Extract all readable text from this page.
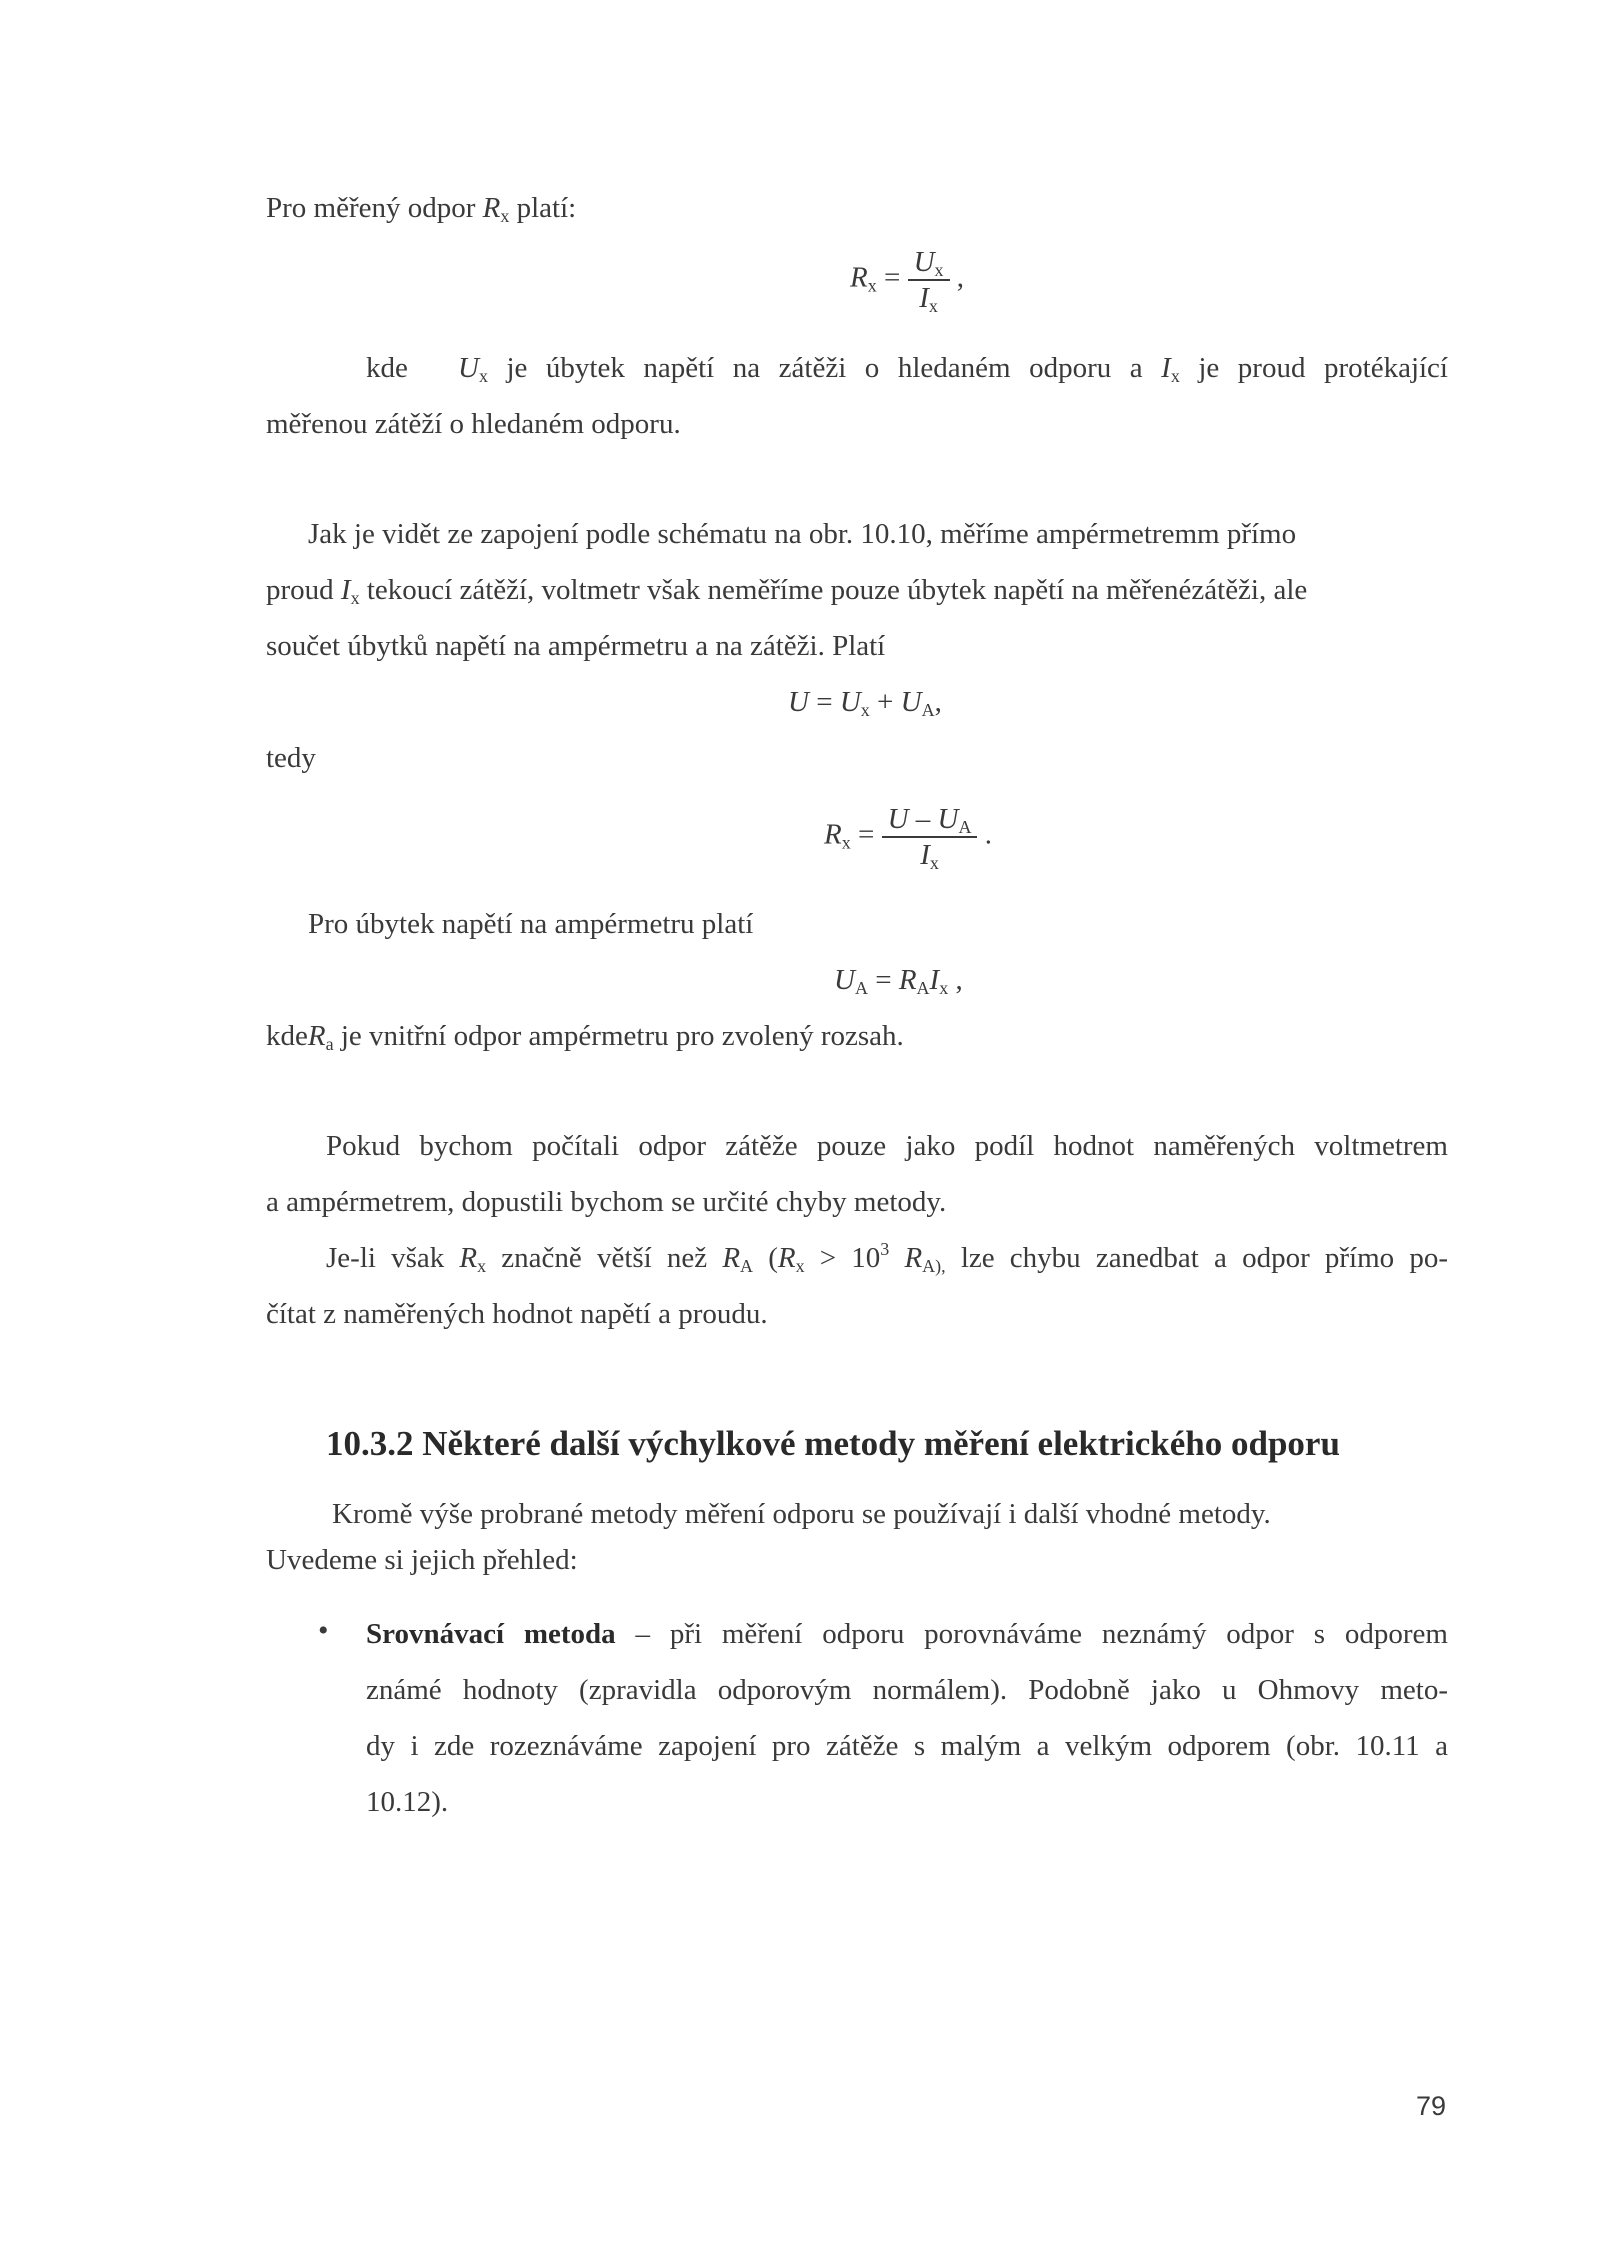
Pro měřený odpor $R_x$ platí:
$R_x = \frac{U_x}{I_x}$ ,
kde $U_x$ je úbytek napětí na zátěži o hledaném odporu a $I_x$ je proud protékající
měřenou zátěží o hledaném odporu.
Jak je vidět ze zapojení podle schématu na obr. 10.10, měříme ampérmetremm přímo
proud $I_x$ tekoucí zátěží, voltmetr však neměříme pouze úbytek napětí na měřenézátěži, ale
součet úbytků napětí na ampérmetru a na zátěži. Platí
$U = U_x + U_A$,
tedy
$R_x = \frac{U - U_A}{I_x}$ .
Pro úbytek napětí na ampérmetru platí
$U_A = R_AI_x$ ,
kdeR$_a$ je vnitřní odpor ampérmetru pro zvolený rozsah.
Pokud bychom počítali odpor zátěže pouze jako podíl hodnot naměřených voltmetrem
a ampérmetrem, dopustili bychom se určité chyby metody.
Je-li však $R_x$ značně větší než $R_A$ ($R_x > 10^3$ $R_{A),}$ lze chybu zanedbat a odpor přímo po-
čítat z naměřených hodnot napětí a proudu.
10.3.2 Některé další výchylkové metody měření elektrického odporu
Kromě výše probrané metody měření odporu se používají i další vhodné metody.
Uvedeme si jejich přehled:
• Srovnávací metoda – při měření odporu porovnáváme neznámý odpor s odporem
známé hodnoty (zpravidla odporovým normálem). Podobně jako u Ohmovy meto-
dy i zde rozeznáváme zapojení pro zátěže s malým a velkým odporem (obr. 10.11 a
10.12).
79
